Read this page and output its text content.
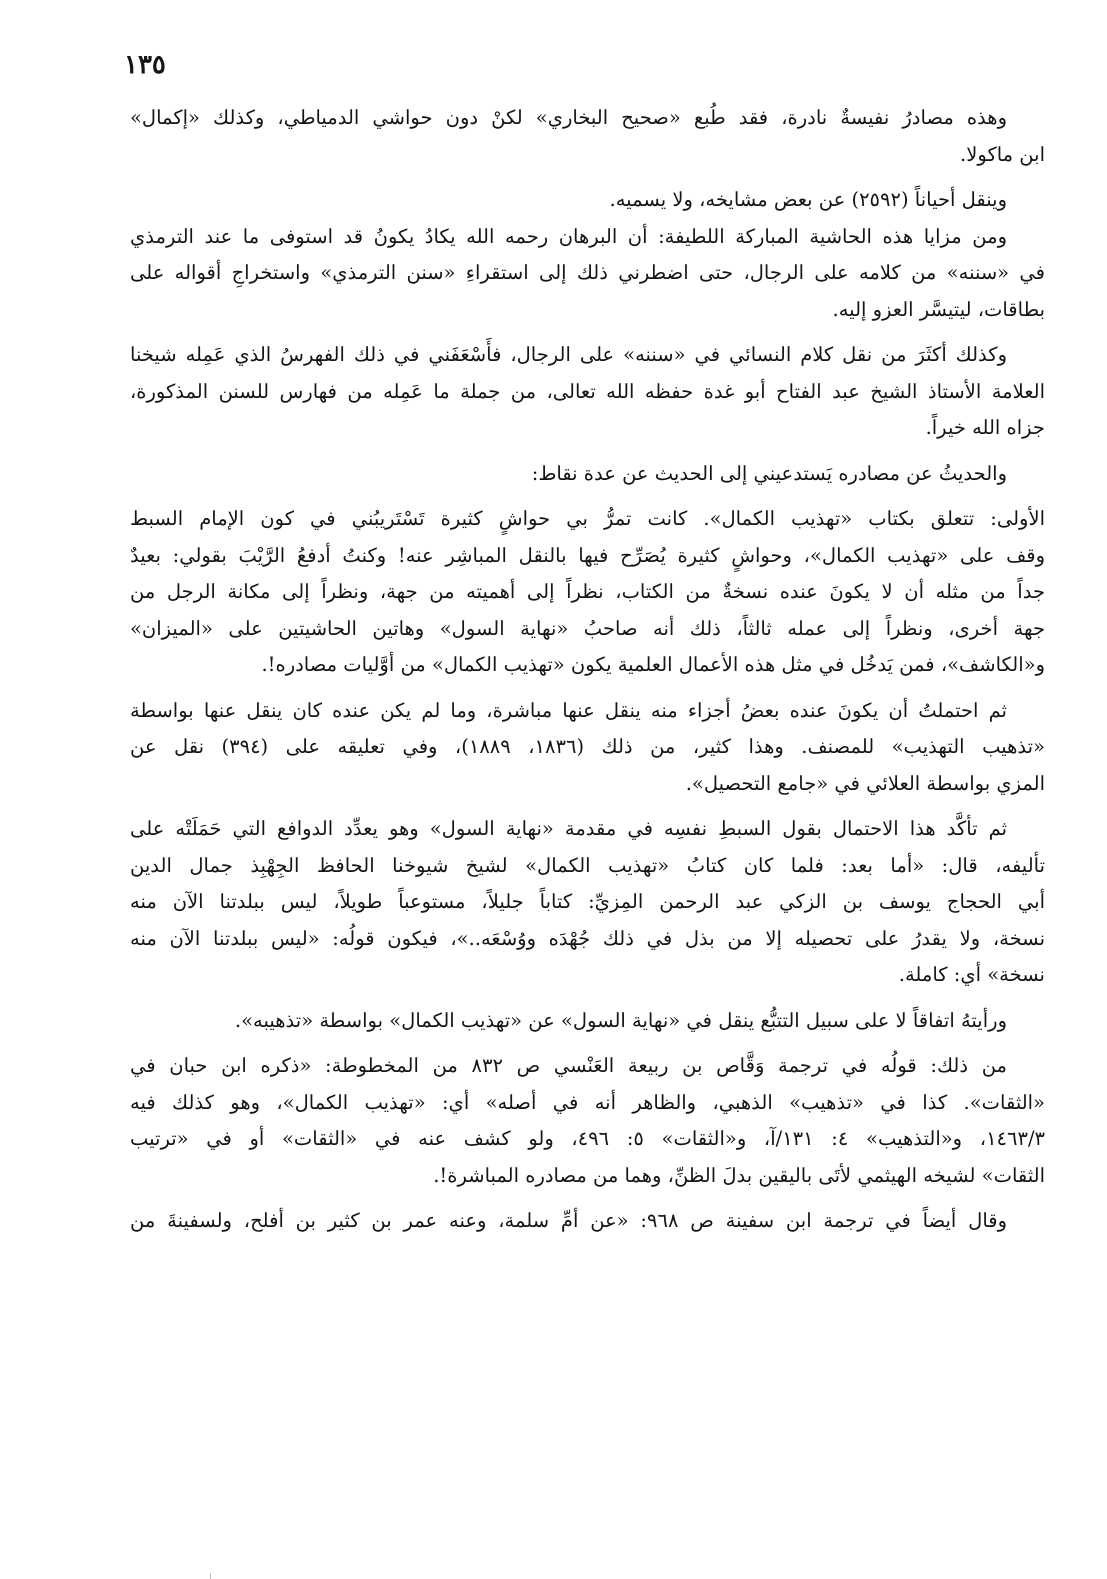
١٣٥
وهذه مصادرُ نفيسةٌ نادرة، فقد طُبع «صحيح البخاري» لكنْ دون حواشي الدمياطي، وكذلك «إكمال»
ابن ماكولا.
وينقل أحياناً (٢٥٩٢) عن بعض مشايخه، ولا يسميه.
ومن مزايا هذه الحاشية المباركة اللطيفة: أن البرهان رحمه الله يكادُ يكونُ قد استوفى ما عند الترمذي
في «سننه» من كلامه على الرجال، حتى اضطرني ذلك إلى استقراءِ «سنن الترمذي» واستخراجِ أقواله على
بطاقات، ليتيسَّر العزو إليه.
وكذلك أكثَرَ من نقل كلام النسائي في «سننه» على الرجال، فأَسْعَفَني في ذلك الفهرسُ الذي عَمِله شيخنا
العلامة الأستاذ الشيخ عبد الفتاح أبو غدة حفظه الله تعالى، من جملة ما عَمِله من فهارس للسنن المذكورة،
جزاه الله خيراً.
والحديثُ عن مصادره يَستدعيني إلى الحديث عن عدة نقاط:
الأولى: تتعلق بكتاب «تهذيب الكمال». كانت تمرُّ بي حواشٍ كثيرة تَسْتَريبُني في كون الإمام السبط
وقف على «تهذيب الكمال»، وحواشٍ كثيرة يُصَرِّح فيها بالنقل المباشِر عنه! وكنتُ أدفعُ الرَّيْبَ بقولي: بعيدٌ
جداً من مثله أن لا يكونَ عنده نسخةٌ من الكتاب، نظراً إلى أهميته من جهة، ونظراً إلى مكانة الرجل من
جهة أخرى، ونظراً إلى عمله ثالثاً، ذلك أنه صاحبُ «نهاية السول» وهاتين الحاشيتين على «الميزان»
و«الكاشف»، فمن يَدخُل في مثل هذه الأعمال العلمية يكون «تهذيب الكمال» من أوَّليات مصادره!.
ثم احتملتُ أن يكونَ عنده بعضُ أجزاء منه ينقل عنها مباشرة، وما لم يكن عنده كان ينقل عنها بواسطة
«تذهيب التهذيب» للمصنف. وهذا كثير، من ذلك (١٨٣٦، ١٨٨٩)، وفي تعليقه على (٣٩٤) نقل عن
المزي بواسطة العلائي في «جامع التحصيل».
ثم تأكَّد هذا الاحتمال بقول السبطِ نفسِه في مقدمة «نهاية السول» وهو يعدِّد الدوافع التي حَمَلَتْه على
تأليفه، قال: «أما بعد: فلما كان كتابُ «تهذيب الكمال» لشيخ شيوخنا الحافظ الجِهْبِذ جمال الدين
أبي الحجاج يوسف بن الزكي عبد الرحمن المِزيِّ: كتاباً جليلاً، مستوعباً طويلاً، ليس ببلدتنا الآن منه
نسخة، ولا يقدرُ على تحصيله إلا من بذل في ذلك جُهْدَه ووُسْعَه..»، فيكون قولُه: «ليس ببلدتنا الآن منه
نسخة» أي: كاملة.
ورأيتهُ اتفاقاً لا على سبيل التتبُّع ينقل في «نهاية السول» عن «تهذيب الكمال» بواسطة «تذهيبه».
من ذلك: قولُه في ترجمة وَقَّاص بن ربيعة العَنْسي ص ٨٣٢ من المخطوطة: «ذكره ابن حبان في
«الثقات». كذا في «تذهيب» الذهبي، والظاهر أنه في أصله» أي: «تهذيب الكمال»، وهو كذلك فيه
١٤٦٣/٣، و«التذهيب» ٤: ١٣١/آ، و«الثقات» ٥: ٤٩٦، ولو كشف عنه في «الثقات» أو في «ترتيب
الثقات» لشيخه الهيثمي لأتَى باليقين بدلَ الظنِّ، وهما من مصادره المباشرة!.
وقال أيضاً في ترجمة ابن سفينة ص ٩٦٨: «عن أمِّ سلمة، وعنه عمر بن كثير بن أفلح، ولسفينةَ من
